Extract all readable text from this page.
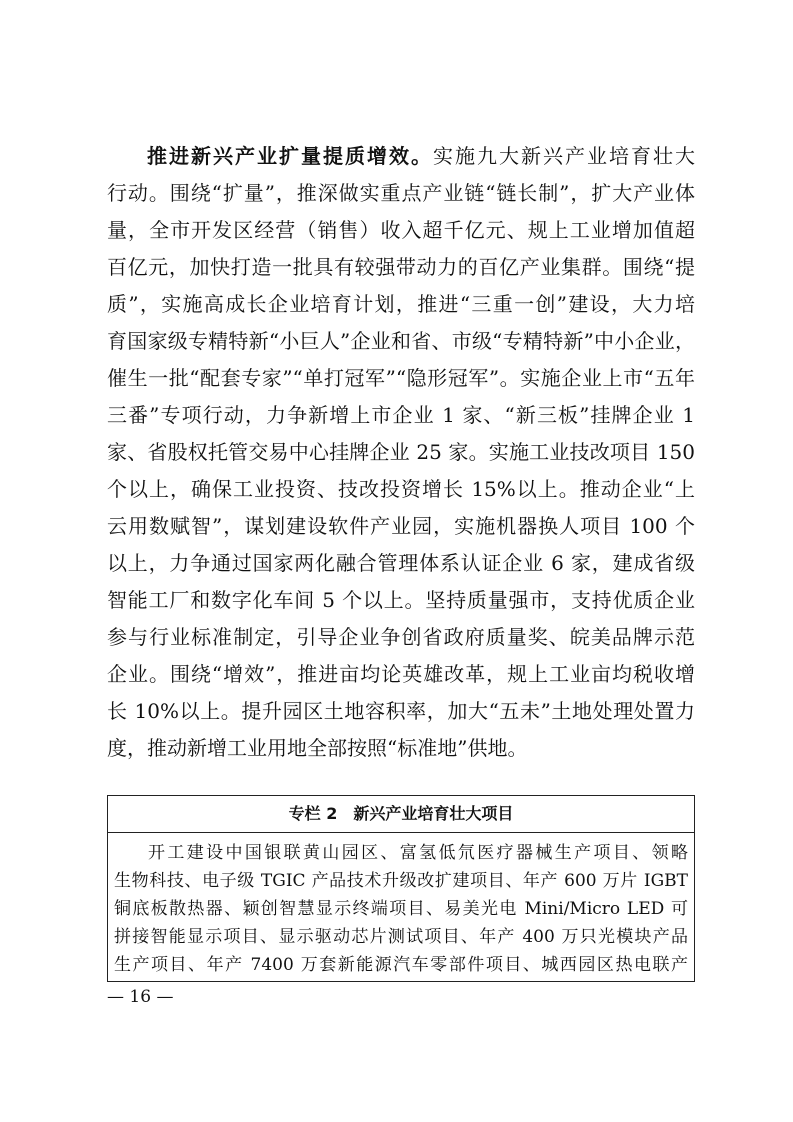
推进新兴产业扩量提质增效。实施九大新兴产业培育壮大
行动。围绕“扩量”，推深做实重点产业链“链长制”，扩大产业体
量，全市开发区经营（销售）收入超千亿元、规上工业增加值超
百亿元，加快打造一批具有较强带动力的百亿产业集群。围绕“提
质”，实施高成长企业培育计划，推进“三重一创”建设，大力培
育国家级专精特新“小巨人”企业和省、市级“专精特新”中小企业，
催生一批“配套专家”“单打冠军”“隐形冠军”。实施企业上市“五年
三番”专项行动，力争新增上市企业 1 家、“新三板”挂牌企业 1
家、省股权托管交易中心挂牌企业 25 家。实施工业技改项目 150
个以上，确保工业投资、技改投资增长 15%以上。推动企业“上
云用数赋智”，谋划建设软件产业园，实施机器换人项目 100 个
以上，力争通过国家两化融合管理体系认证企业 6 家，建成省级
智能工厂和数字化车间 5 个以上。坚持质量强市，支持优质企业
参与行业标准制定，引导企业争创省政府质量奖、皖美品牌示范
企业。围绕“增效”，推进亩均论英雄改革，规上工业亩均税收增
长 10%以上。提升园区土地容积率，加大“五未”土地处理处置力
度，推动新增工业用地全部按照“标准地”供地。
专栏 2 新兴产业培育壮大项目
开工建设中国银联黄山园区、富氢低氘医疗器械生产项目、领略
生物科技、电子级 TGIC 产品技术升级改扩建项目、年产 600 万片 IGBT
铜底板散热器、颖创智慧显示终端项目、易美光电 Mini/Micro LED 可
拼接智能显示项目、显示驱动芯片测试项目、年产 400 万只光模块产品
生产项目、年产 7400 万套新能源汽车零部件项目、城西园区热电联产
— 16 —
